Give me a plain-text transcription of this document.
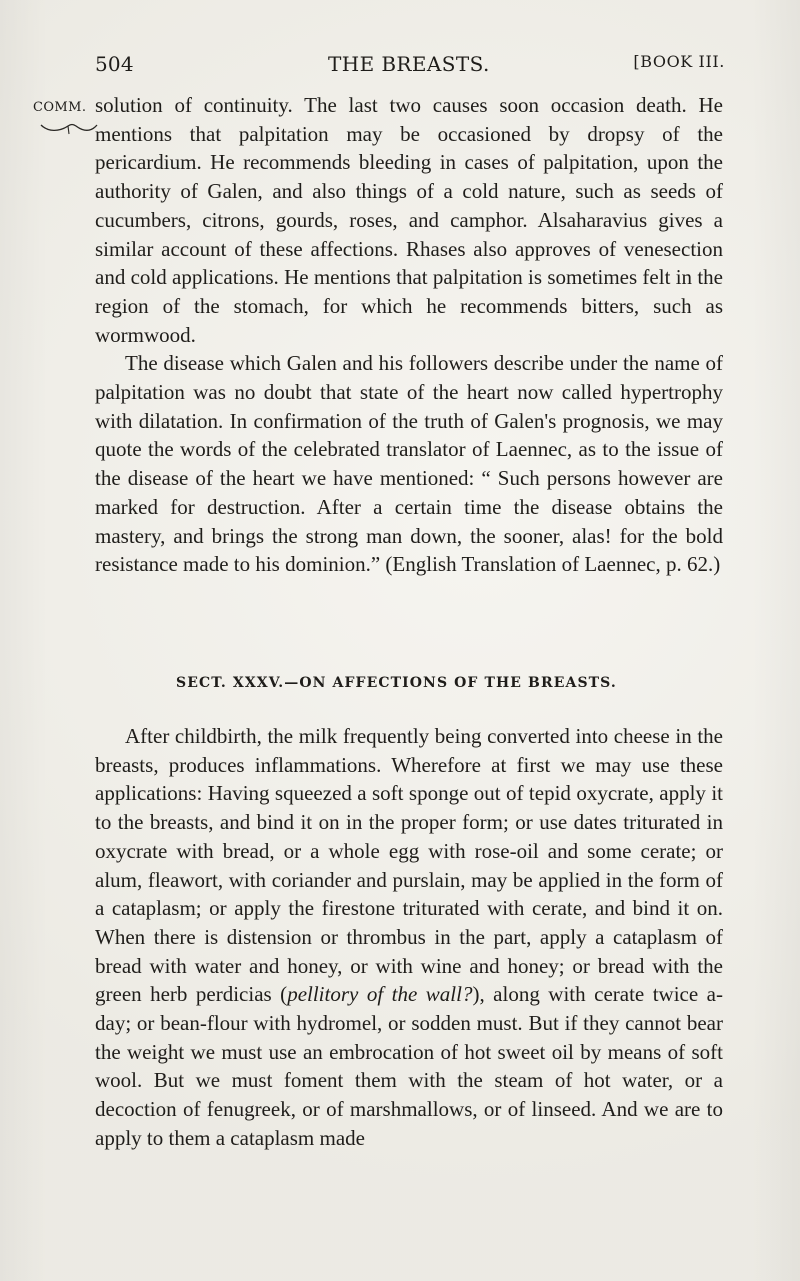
504	THE BREASTS.	[BOOK III.
COMM. solution of continuity. The last two causes soon occasion death. He mentions that palpitation may be occasioned by dropsy of the pericardium. He recommends bleeding in cases of palpitation, upon the authority of Galen, and also things of a cold nature, such as seeds of cucumbers, citrons, gourds, roses, and camphor. Alsaharavius gives a similar account of these affections. Rhases also approves of venesection and cold applications. He mentions that palpitation is sometimes felt in the region of the stomach, for which he recommends bitters, such as wormwood.

The disease which Galen and his followers describe under the name of palpitation was no doubt that state of the heart now called hypertrophy with dilatation. In confirmation of the truth of Galen's prognosis, we may quote the words of the celebrated translator of Laennec, as to the issue of the disease of the heart we have mentioned: “ Such persons however are marked for destruction. After a certain time the disease obtains the mastery, and brings the strong man down, the sooner, alas! for the bold resistance made to his dominion.” (English Translation of Laennec, p. 62.)

SECT. XXXV.—ON AFFECTIONS OF THE BREASTS.

After childbirth, the milk frequently being converted into cheese in the breasts, produces inflammations. Wherefore at first we may use these applications: Having squeezed a soft sponge out of tepid oxycrate, apply it to the breasts, and bind it on in the proper form; or use dates triturated in oxycrate with bread, or a whole egg with rose-oil and some cerate; or alum, fleawort, with coriander and purslain, may be applied in the form of a cataplasm; or apply the firestone triturated with cerate, and bind it on. When there is distension or thrombus in the part, apply a cataplasm of bread with water and honey, or with wine and honey; or bread with the green herb perdicias (pellitory of the wall?), along with cerate twice a-day; or bean-flour with hydromel, or sodden must. But if they cannot bear the weight we must use an embrocation of hot sweet oil by means of soft wool. But we must foment them with the steam of hot water, or a decoction of fenugreek, or of marshmallows, or of linseed. And we are to apply to them a cataplasm made
